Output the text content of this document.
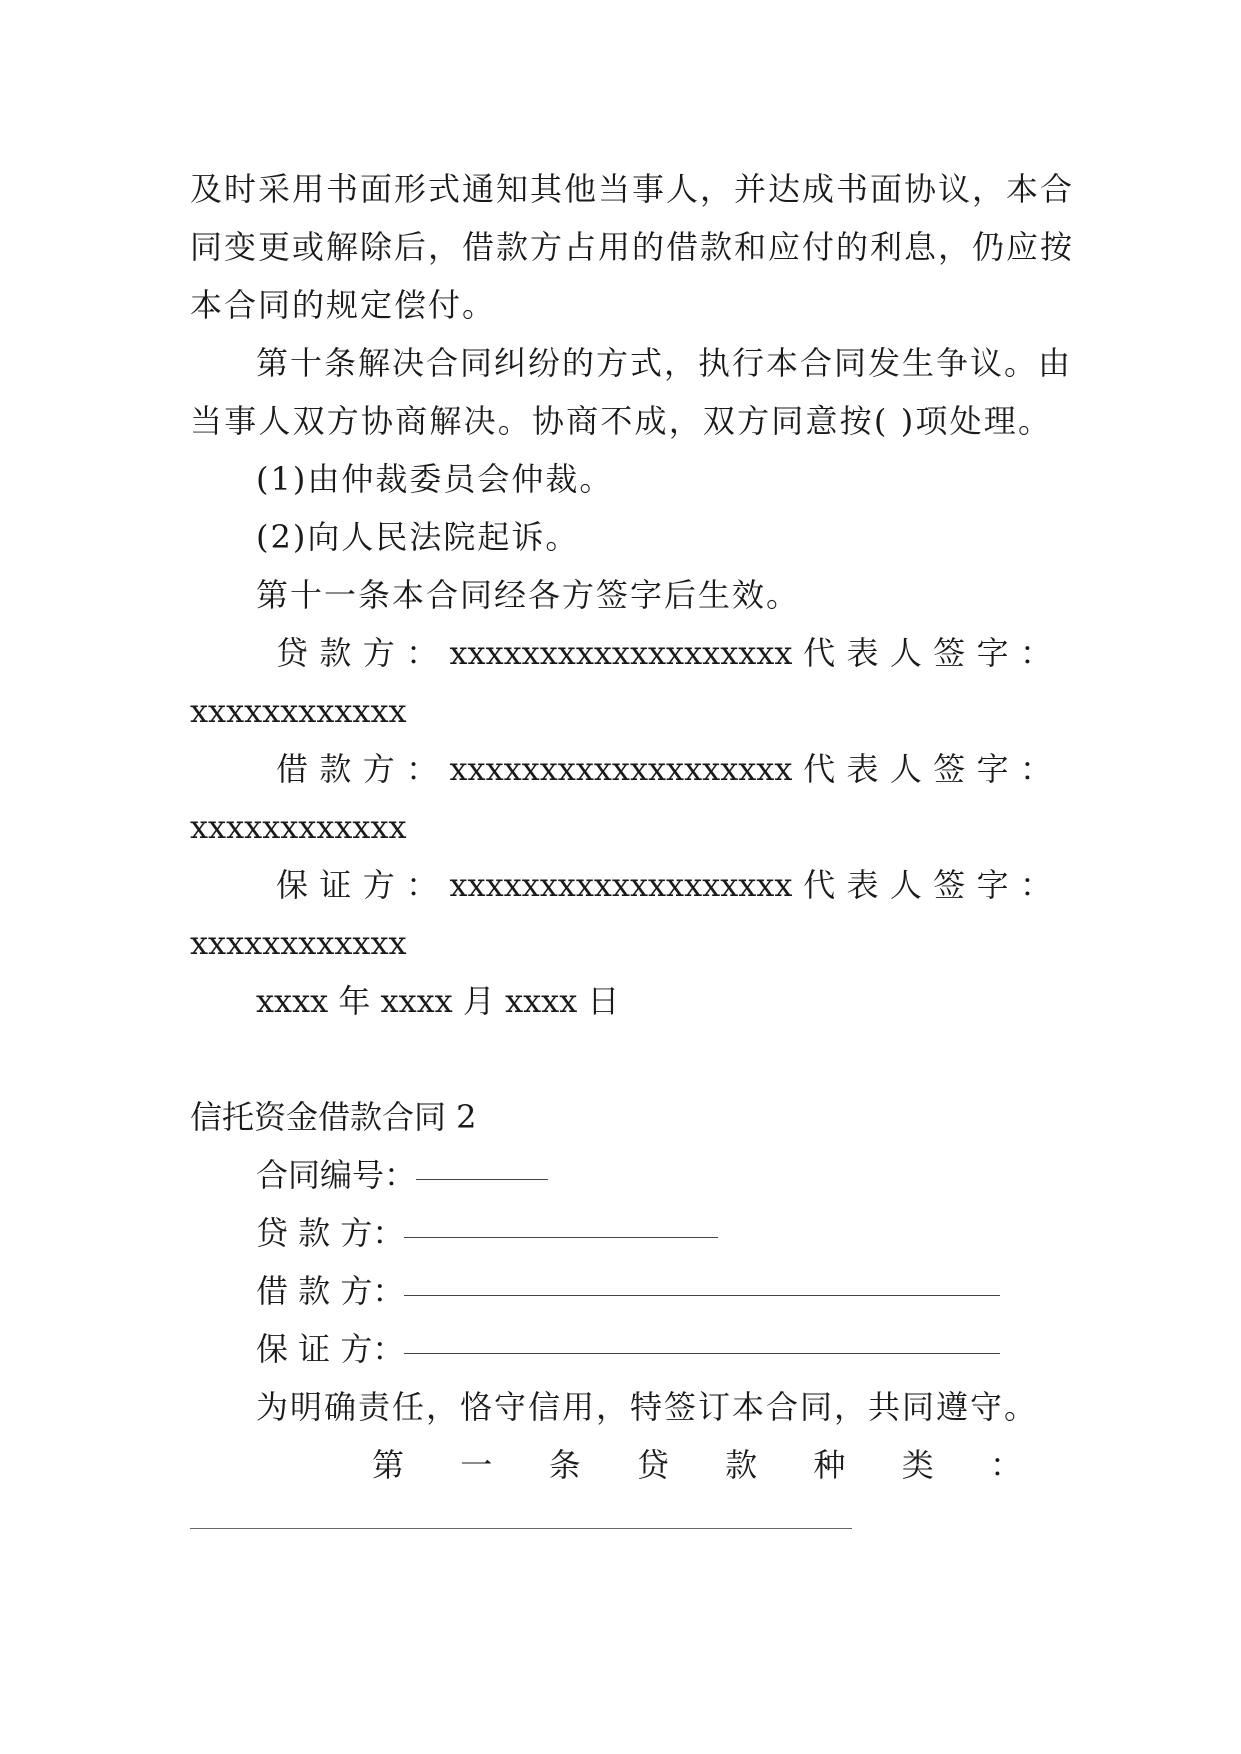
及时采用书面形式通知其他当事人，并达成书面协议，本合
同变更或解除后，借款方占用的借款和应付的利息，仍应按
本合同的规定偿付。
第十条解决合同纠纷的方式，执行本合同发生争议。由
当事人双方协商解决。协商不成，双方同意按( )项处理。
(1)由仲裁委员会仲裁。
(2)向人民法院起诉。
第十一条本合同经各方签字后生效。
贷 款 方 ： xxxxxxxxxxxxxxxxxxx 代 表 人 签 字 ：
xxxxxxxxxxxx
借 款 方 ： xxxxxxxxxxxxxxxxxxx 代 表 人 签 字 ：
xxxxxxxxxxxx
保 证 方 ： xxxxxxxxxxxxxxxxxxx 代 表 人 签 字 ：
xxxxxxxxxxxx
xxxx 年 xxxx 月 xxxx 日
信托资金借款合同 2
合同编号：
贷 款 方：
借 款 方：
保 证 方：
为明确责任，恪守信用，特签订本合同，共同遵守。
第 一 条 贷 款 种 类 ：
